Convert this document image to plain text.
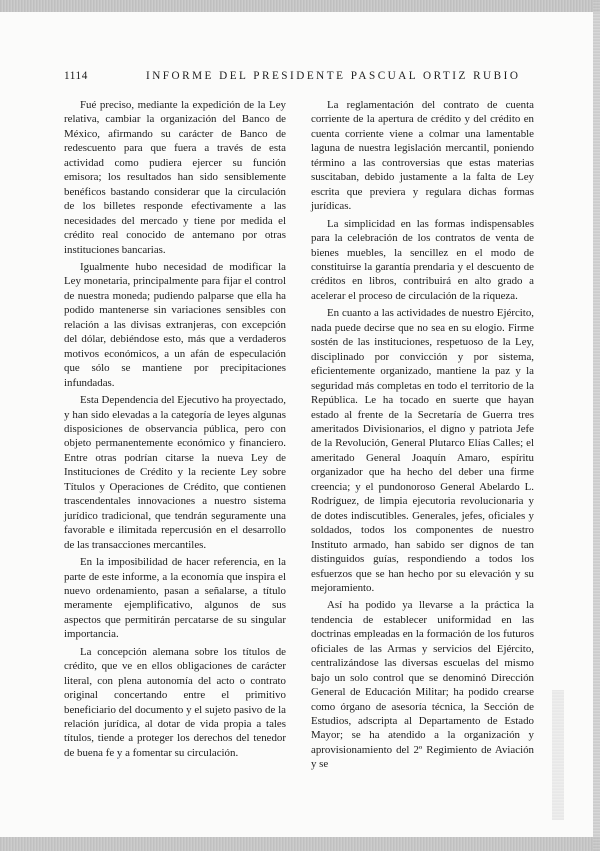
1114	INFORME DEL PRESIDENTE PASCUAL ORTIZ RUBIO

Fué preciso, mediante la expedición de la Ley relativa, cambiar la organización del Banco de México, afirmando su carácter de Banco de redescuento para que fuera a través de esta actividad como pudiera ejercer su función emisora; los resultados han sido sensiblemente benéficos bastando considerar que la circulación de los billetes responde efectivamente a las necesidades del mercado y tiene por medida el crédito real conocido de antemano por otras instituciones bancarias.

Igualmente hubo necesidad de modificar la Ley monetaria, principalmente para fijar el control de nuestra moneda; pudiendo palparse que ella ha podido mantenerse sin variaciones sensibles con relación a las divisas extranjeras, con excepción del dólar, debiéndose esto, más que a verdaderos motivos económicos, a un afán de especulación que sólo se mantiene por precipitaciones infundadas.

Esta Dependencia del Ejecutivo ha proyectado, y han sido elevadas a la categoría de leyes algunas disposiciones de observancia pública, pero con objeto permanentemente económico y financiero. Entre otras podrían citarse la nueva Ley de Instituciones de Crédito y la reciente Ley sobre Títulos y Operaciones de Crédito, que contienen trascendentales innovaciones a nuestro sistema jurídico tradicional, que tendrán seguramente una favorable e ilimitada repercusión en el desarrollo de las transacciones mercantiles.

En la imposibilidad de hacer referencia, en la parte de este informe, a la economía que inspira el nuevo ordenamiento, pasan a señalarse, a título meramente ejemplificativo, algunos de sus aspectos que permitirán percatarse de su singular importancia.

La concepción alemana sobre los títulos de crédito, que ve en ellos obligaciones de carácter literal, con plena autonomía del acto o contrato original concertando entre el primitivo beneficiario del documento y el sujeto pasivo de la relación jurídica, al dotar de vida propia a tales títulos, tiende a proteger los derechos del tenedor de buena fe y a fomentar su circulación.

La reglamentación del contrato de cuenta corriente de la apertura de crédito y del crédito en cuenta corriente viene a colmar una lamentable laguna de nuestra legislación mercantil, poniendo término a las controversias que estas materias suscitaban, debido justamente a la falta de Ley escrita que previera y regulara dichas formas jurídicas.

La simplicidad en las formas indispensables para la celebración de los contratos de venta de bienes muebles, la sencillez en el modo de constituirse la garantía prendaria y el descuento de créditos en libros, contribuirá en alto grado a acelerar el proceso de circulación de la riqueza.

En cuanto a las actividades de nuestro Ejército, nada puede decirse que no sea en su elogio. Firme sostén de las instituciones, respetuoso de la Ley, disciplinado por convicción y por sistema, eficientemente organizado, mantiene la paz y la seguridad más completas en todo el territorio de la República. Le ha tocado en suerte que hayan estado al frente de la Secretaría de Guerra tres ameritados Divisionarios, el digno y patriota Jefe de la Revolución, General Plutarco Elías Calles; el ameritado General Joaquín Amaro, espíritu organizador que ha hecho del deber una firme creencia; y el pundonoroso General Abelardo L. Rodríguez, de limpia ejecutoria revolucionaria y de dotes indiscutibles. Generales, jefes, oficiales y soldados, todos los componentes de nuestro Instituto armado, han sabido ser dignos de tan distinguidos guías, respondiendo a todos los esfuerzos que se han hecho por su elevación y su mejoramiento.

Así ha podido ya llevarse a la práctica la tendencia de establecer uniformidad en las doctrinas empleadas en la formación de los futuros oficiales de las Armas y servicios del Ejército, centralizándose las diversas escuelas del mismo bajo un solo control que se denominó Dirección General de Educación Militar; ha podido crearse como órgano de asesoría técnica, la Sección de Estudios, adscripta al Departamento de Estado Mayor; se ha atendido a la organización y aprovisionamiento del 2º Regimiento de Aviación y se
